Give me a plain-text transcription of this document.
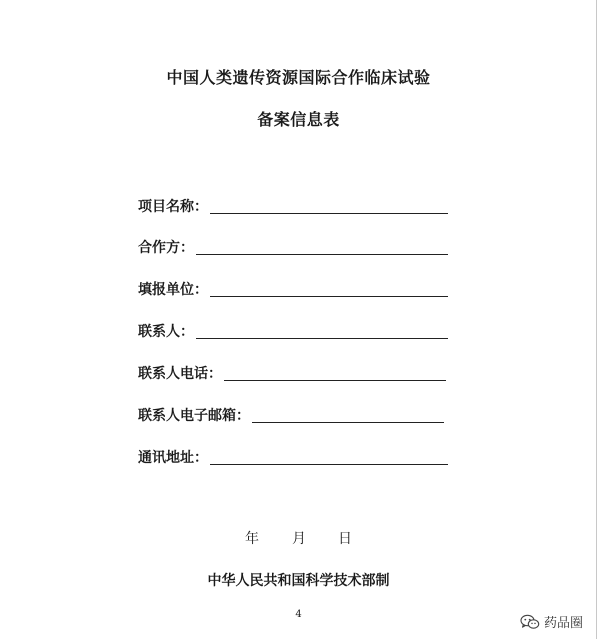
中国人类遗传资源国际合作临床试验
备案信息表
项目名称：
合作方：
填报单位：
联系人：
联系人电话：
联系人电子邮箱：
通讯地址：
年 月 日
中华人民共和国科学技术部制
4
药品圈
